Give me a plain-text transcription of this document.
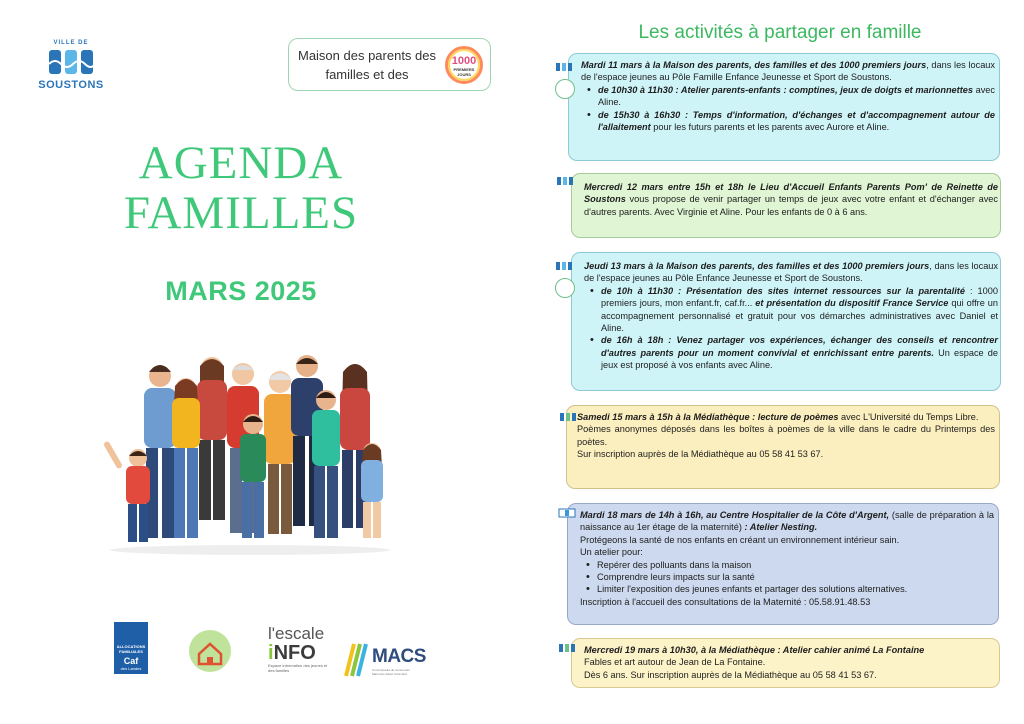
VILLE DE
SOUSTONS
Maison des parents des familles et des
1000
PREMIERS JOURS
AGENDA
FAMILLES
MARS 2025
ALLOCATIONS FAMILIALES
Caf
des Landes
l'escale
iNFO
Espace information des jeunes et des familles
MACS
Communauté de communes Maremne Adour Côte-Sud
Les activités à partager en famille
Mardi 11 mars à la Maison des parents, des familles et des 1000 premiers jours, dans les locaux de l'espace jeunes au Pôle Famille Enfance Jeunesse et Sport de Soustons.
• de 10h30 à 11h30 : Atelier parents-enfants : comptines, jeux de doigts et marionnettes avec Aline.
• de 15h30 à 16h30 : Temps d'information, d'échanges et d'accompagnement autour de l'allaitement pour les futurs parents et les parents avec Aurore et Aline.
Mercredi 12 mars entre 15h et 18h le Lieu d'Accueil Enfants Parents Pom' de Reinette de Soustons vous propose de venir partager un temps de jeux avec votre enfant et d'échanger avec d'autres parents. Avec Virginie et Aline. Pour les enfants de 0 à 6 ans.
Jeudi 13 mars à la Maison des parents, des familles et des 1000 premiers jours, dans les locaux de l'espace jeunes au Pôle Enfance Jeunesse et Sport de Soustons.
• de 10h à 11h30 : Présentation des sites internet ressources sur la parentalité : 1000 premiers jours, mon enfant.fr, caf.fr... et présentation du dispositif France Service qui offre un accompagnement personnalisé et gratuit pour vos démarches administratives avec Daniel et Aline.
• de 16h à 18h : Venez partager vos expériences, échanger des conseils et rencontrer d'autres parents pour un moment convivial et enrichissant entre parents. Un espace de jeux est proposé à vos enfants avec Aline.
Samedi 15 mars à 15h à la Médiathèque : lecture de poèmes avec L'Université du Temps Libre.
Poèmes anonymes déposés dans les boîtes à poèmes de la ville dans le cadre du Printemps des poètes.
Sur inscription auprès de la Médiathèque au 05 58 41 53 67.
Mardi 18 mars de 14h à 16h, au Centre Hospitalier de la Côte d'Argent, (salle de préparation à la naissance au 1er étage de la maternité) : Atelier Nesting.
Protégeons la santé de nos enfants en créant un environnement intérieur sain.
Un atelier pour:
• Repérer des polluants dans la maison
• Comprendre leurs impacts sur la santé
• Limiter l'exposition des jeunes enfants et partager des solutions alternatives.
Inscription à l'accueil des consultations de la Maternité : 05.58.91.48.53
Mercredi 19 mars à 10h30, à la Médiathèque : Atelier cahier animé La Fontaine
Fables et art autour de Jean de La Fontaine.
Dès 6 ans. Sur inscription auprès de la Médiathèque au 05 58 41 53 67.
